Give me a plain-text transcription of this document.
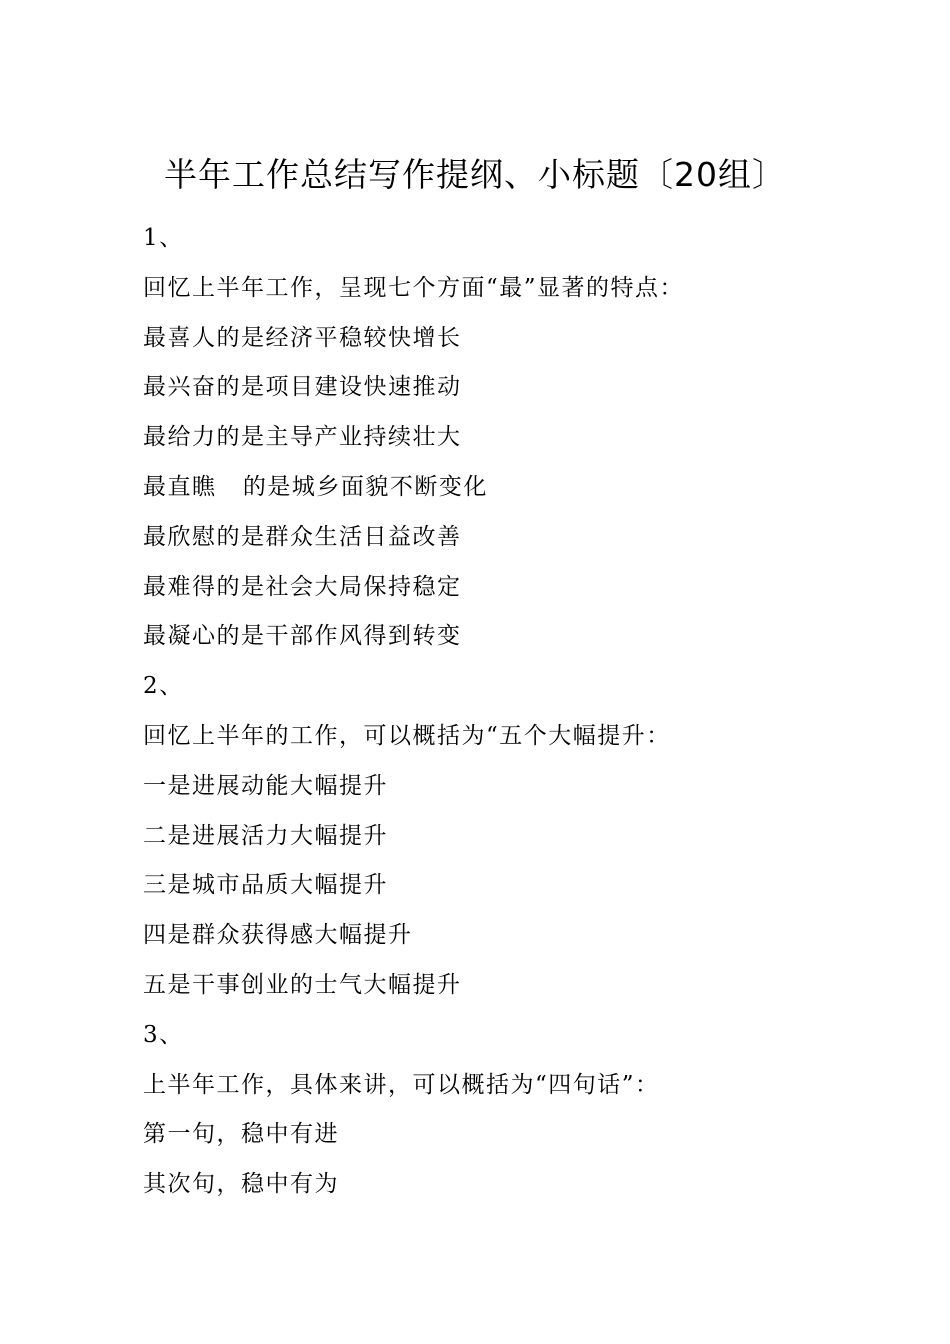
半年工作总结写作提纲、小标题〔20组〕
1、
回忆上半年工作，呈现七个方面“最”显著的特点：
最喜人的是经济平稳较快增长
最兴奋的是项目建设快速推动
最给力的是主导产业持续壮大
最直瞧   的是城乡面貌不断变化
最欣慰的是群众生活日益改善
最难得的是社会大局保持稳定
最凝心的是干部作风得到转变
2、
回忆上半年的工作，可以概括为“五个大幅提升：
一是进展动能大幅提升
二是进展活力大幅提升
三是城市品质大幅提升
四是群众获得感大幅提升
五是干事创业的士气大幅提升
3、
上半年工作，具体来讲，可以概括为“四句话”：
第一句，稳中有进
其次句，稳中有为
